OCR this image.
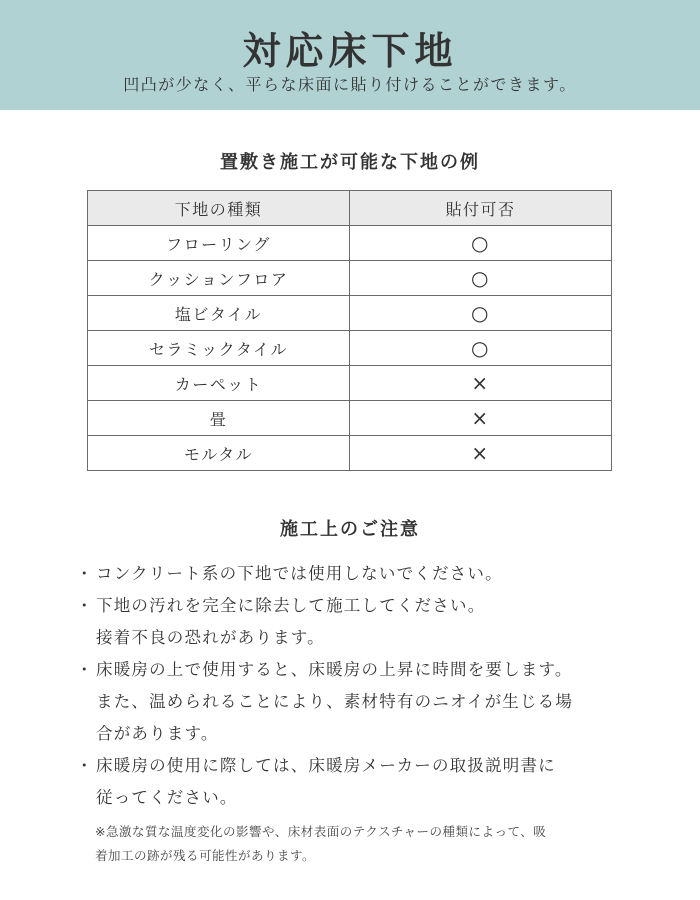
対応床下地
凹凸が少なく、平らな床面に貼り付けることができます。
置敷き施工が可能な下地の例
下地の種類	貼付可否
フローリング	○
クッションフロア	○
塩ビタイル	○
セラミックタイル	○
カーペット	×
畳	×
モルタル	×
施工上のご注意
・ コンクリート系の下地では使用しないでください。
・ 下地の汚れを完全に除去して施工してください。
接着不良の恐れがあります。
・ 床暖房の上で使用すると、床暖房の上昇に時間を要します。
また、温められることにより、素材特有のニオイが生じる場
合があります。
・ 床暖房の使用に際しては、床暖房メーカーの取扱説明書に
従ってください。
※急激な質な温度変化の影響や、床材表面のテクスチャーの種類によって、吸
着加工の跡が残る可能性があります。
